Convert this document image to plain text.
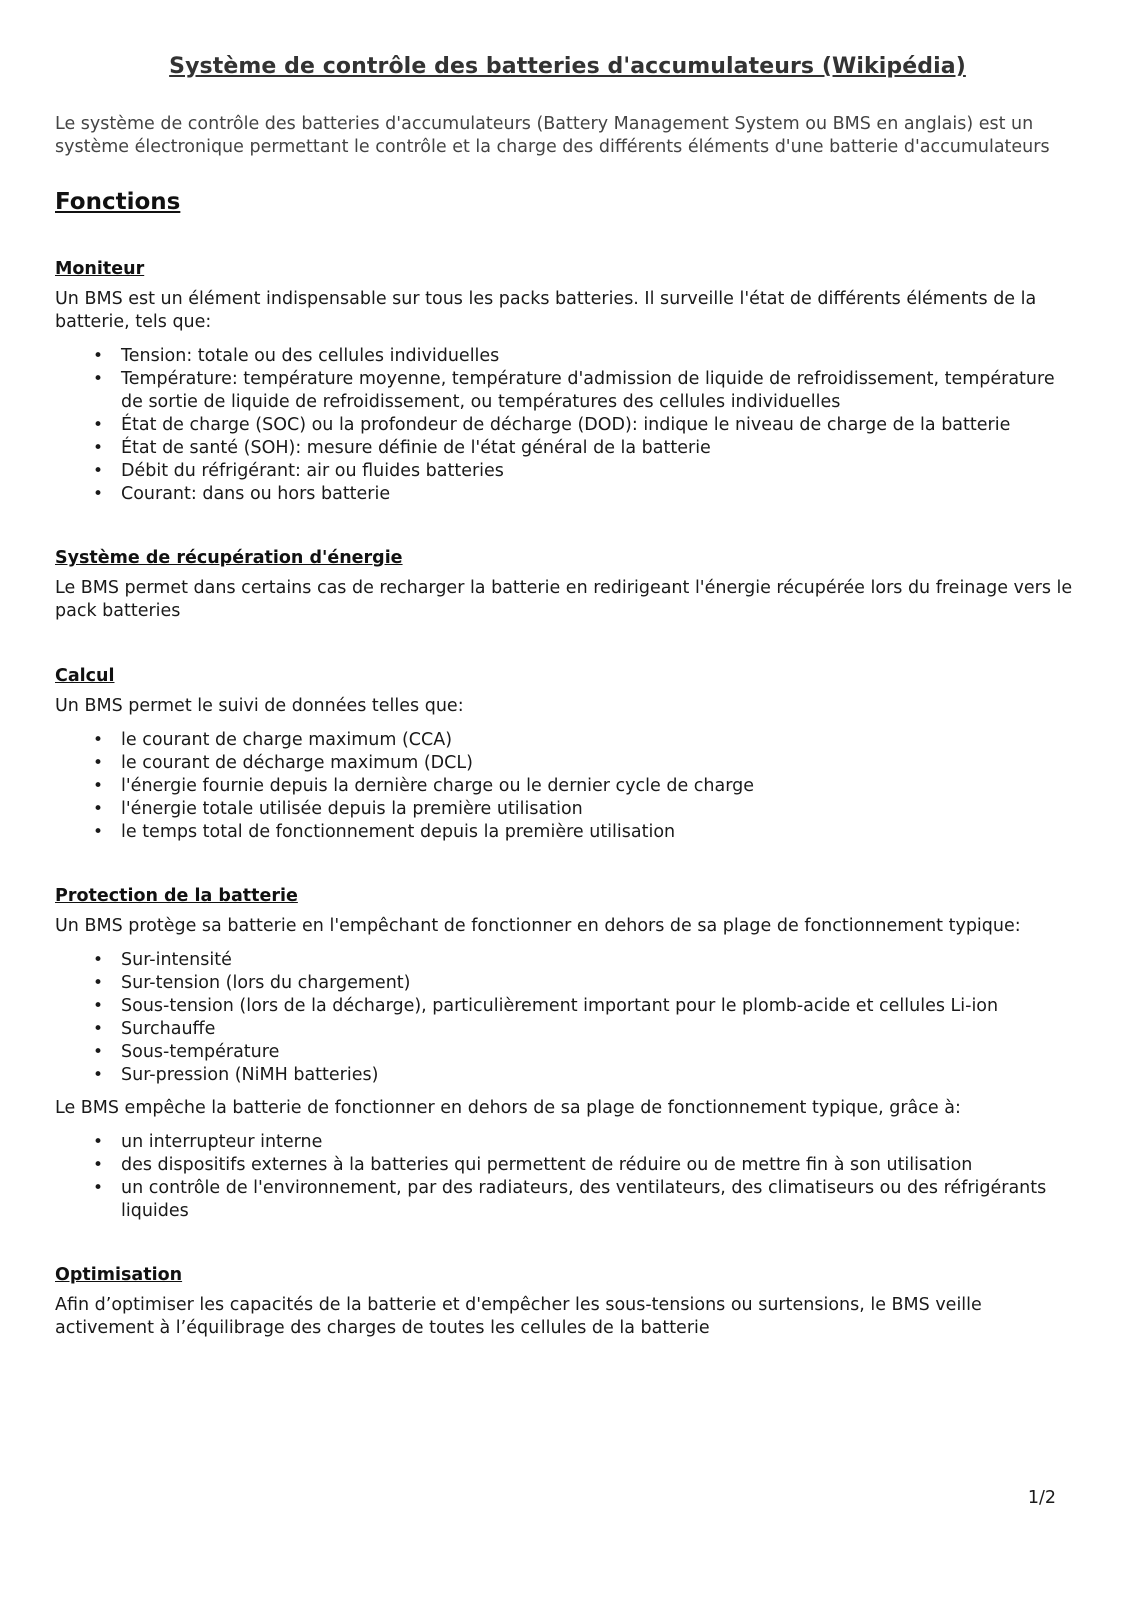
Système de contrôle des batteries d'accumulateurs (Wikipédia)
Le système de contrôle des batteries d'accumulateurs (Battery Management System ou BMS en anglais) est un système électronique permettant le contrôle et la charge des différents éléments d'une batterie d'accumulateurs
Fonctions
Moniteur
Un BMS est un élément indispensable sur tous les packs batteries. Il surveille l'état de différents éléments de la batterie, tels que:
• Tension: totale ou des cellules individuelles
• Température: température moyenne, température d'admission de liquide de refroidissement, température de sortie de liquide de refroidissement, ou températures des cellules individuelles
• État de charge (SOC) ou la profondeur de décharge (DOD): indique le niveau de charge de la batterie
• État de santé (SOH): mesure définie de l'état général de la batterie
• Débit du réfrigérant: air ou fluides batteries
• Courant: dans ou hors batterie
Système de récupération d'énergie
Le BMS permet dans certains cas de recharger la batterie en redirigeant l'énergie récupérée lors du freinage vers le pack batteries
Calcul
Un BMS permet le suivi de données telles que:
• le courant de charge maximum (CCA)
• le courant de décharge maximum (DCL)
• l'énergie fournie depuis la dernière charge ou le dernier cycle de charge
• l'énergie totale utilisée depuis la première utilisation
• le temps total de fonctionnement depuis la première utilisation
Protection de la batterie
Un BMS protège sa batterie en l'empêchant de fonctionner en dehors de sa plage de fonctionnement typique:
• Sur-intensité
• Sur-tension (lors du chargement)
• Sous-tension (lors de la décharge), particulièrement important pour le plomb-acide et cellules Li-ion
• Surchauffe
• Sous-température
• Sur-pression (NiMH batteries)
Le BMS empêche la batterie de fonctionner en dehors de sa plage de fonctionnement typique, grâce à:
• un interrupteur interne
• des dispositifs externes à la batteries qui permettent de réduire ou de mettre fin à son utilisation
• un contrôle de l'environnement, par des radiateurs, des ventilateurs, des climatiseurs ou des réfrigérants liquides
Optimisation
Afin d’optimiser les capacités de la batterie et d'empêcher les sous-tensions ou surtensions, le BMS veille activement à l’équilibrage des charges de toutes les cellules de la batterie
1/2
